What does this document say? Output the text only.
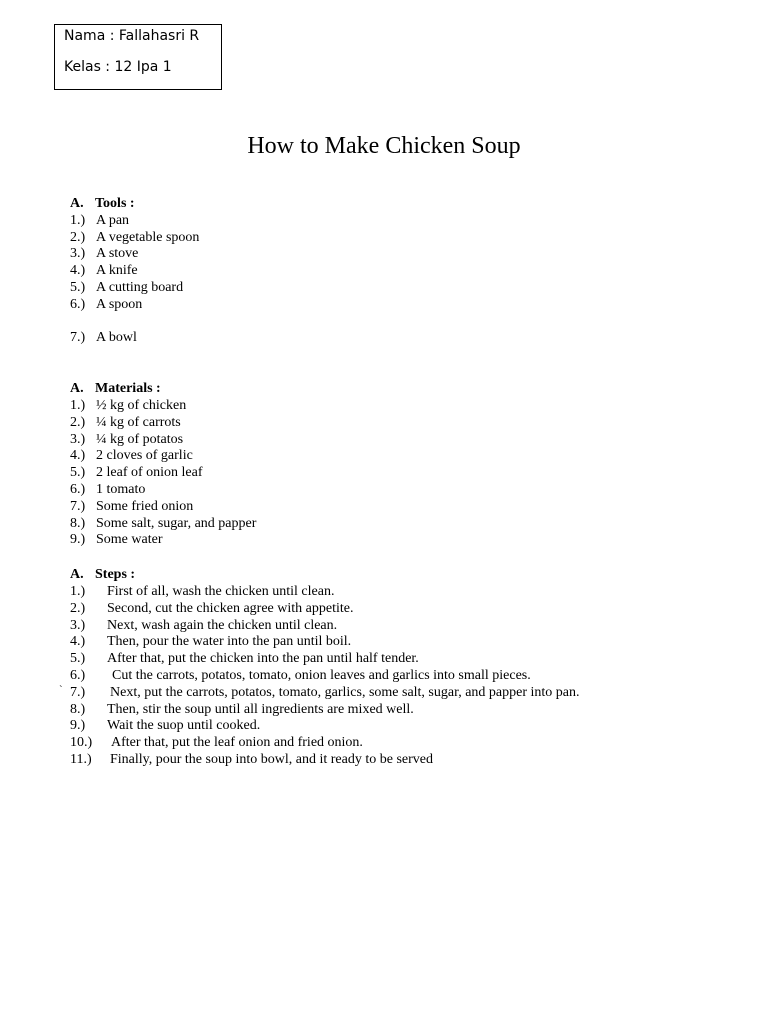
Nama : Fallahasri R
Kelas : 12 Ipa 1
How to Make Chicken Soup
A. Tools :
1.) A pan
2.) A vegetable spoon
3.) A stove
4.) A knife
5.) A cutting board
6.) A spoon
7.) A bowl
A. Materials :
1.) ½ kg of chicken
2.) ¼ kg of carrots
3.) ¼ kg of potatos
4.) 2 cloves of garlic
5.) 2 leaf of onion leaf
6.) 1 tomato
7.) Some fried onion
8.) Some salt, sugar, and papper
9.) Some water
A. Steps :
1.) First of all, wash the chicken until clean.
2.) Second, cut the chicken agree with appetite.
3.) Next, wash again the chicken until clean.
4.) Then, pour the water into the pan until boil.
5.) After that, put the chicken into the pan until half tender.
6.) Cut the carrots, potatos, tomato, onion leaves and garlics into small pieces.
` 7.) Next, put the carrots, potatos, tomato, garlics, some salt, sugar, and papper into pan.
8.) Then, stir the soup until all ingredients are mixed well.
9.) Wait the suop until cooked.
10.) After that, put the leaf onion and fried onion.
11.) Finally, pour the soup into bowl, and it ready to be served
